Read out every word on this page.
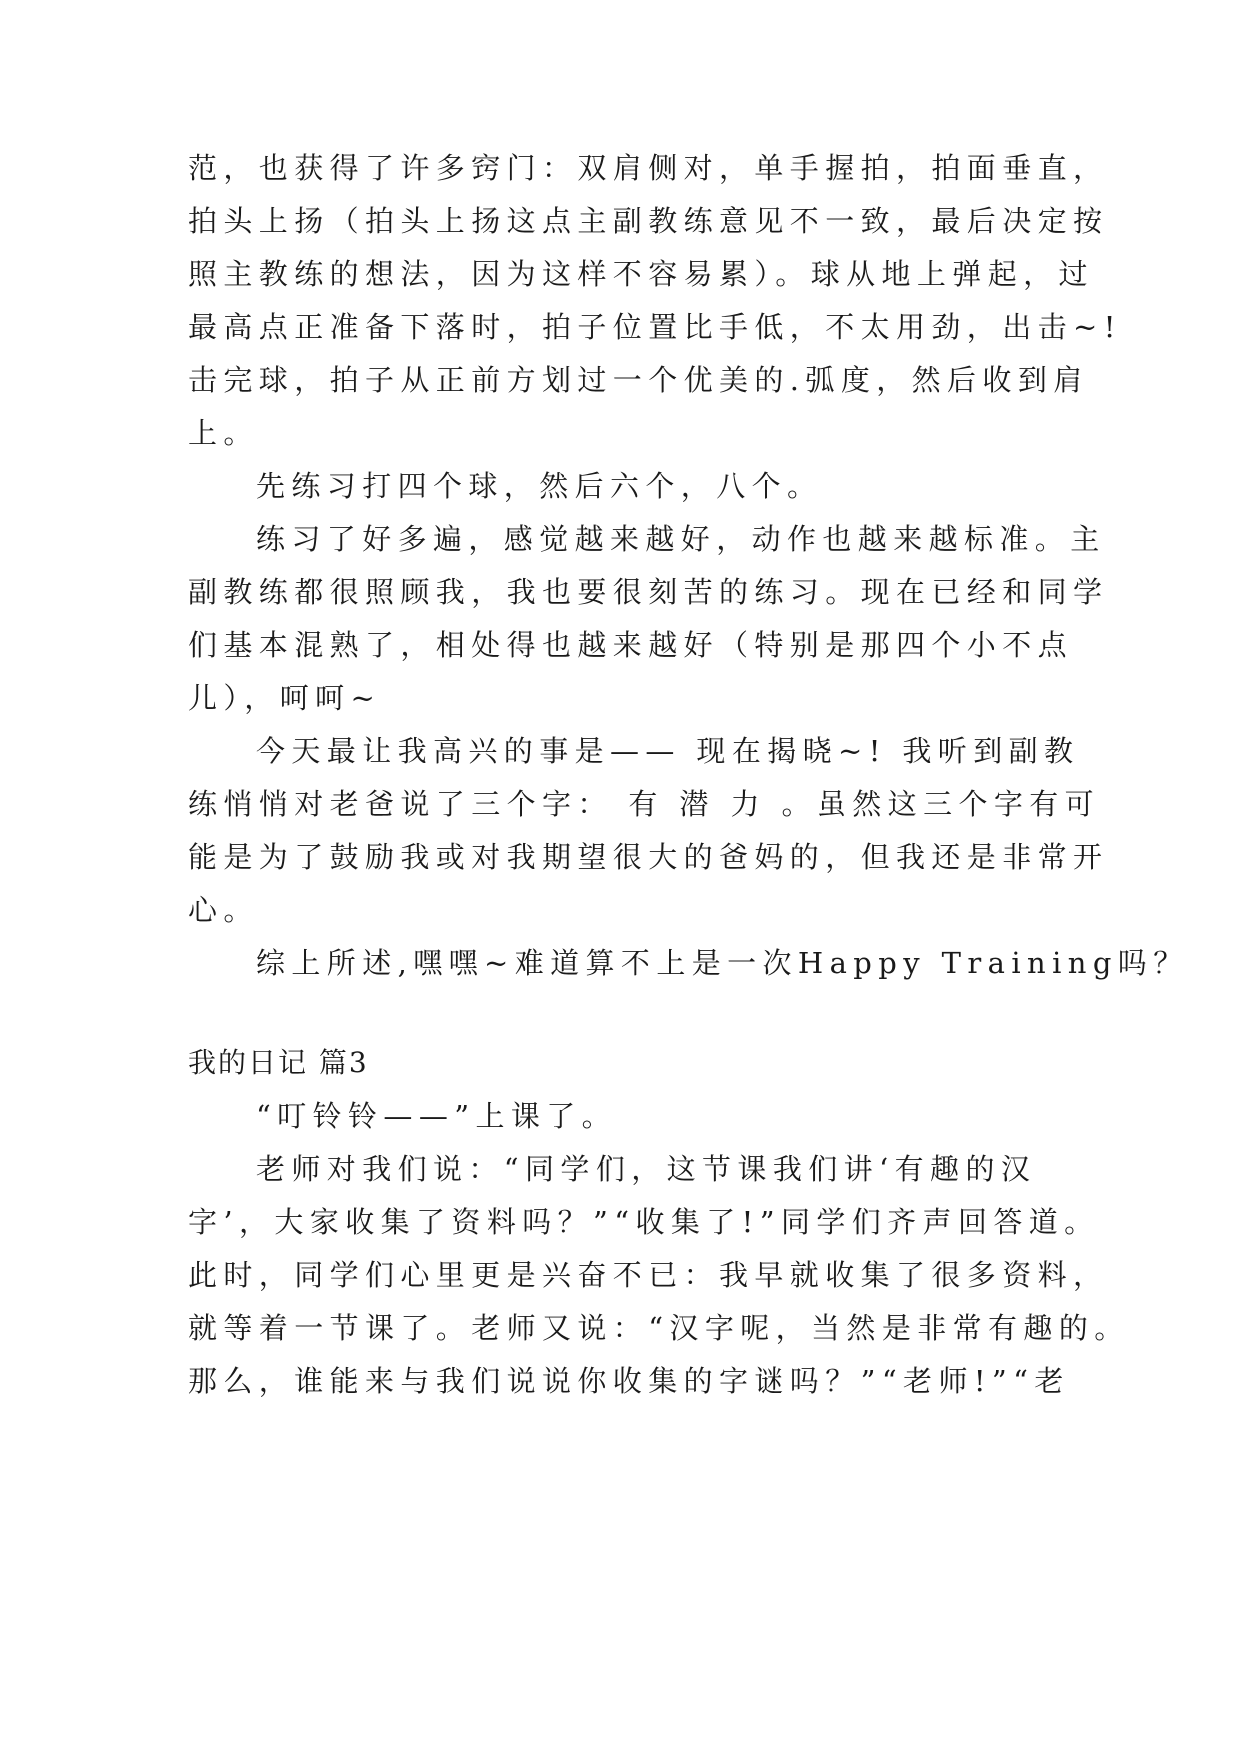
范，也获得了许多窍门：双肩侧对，单手握拍，拍面垂直，

拍头上扬（拍头上扬这点主副教练意见不一致，最后决定按

照主教练的想法，因为这样不容易累）。球从地上弹起，过

最高点正准备下落时，拍子位置比手低，不太用劲，出击~!

击完球，拍子从正前方划过一个优美的.弧度，然后收到肩

上。

先练习打四个球，然后六个，八个。

练习了好多遍，感觉越来越好，动作也越来越标准。主

副教练都很照顾我，我也要很刻苦的练习。现在已经和同学

们基本混熟了，相处得也越来越好（特别是那四个小不点

儿），呵呵~

今天最让我高兴的事是—— 现在揭晓~! 我听到副教

练悄悄对老爸说了三个字： 有 潜 力 。虽然这三个字有可

能是为了鼓励我或对我期望很大的爸妈的，但我还是非常开

心。

综上所述,嘿嘿~难道算不上是一次Happy Training吗？

我的日记 篇3

“叮铃铃——”上课了。

老师对我们说：“同学们，这节课我们讲‘有趣的汉

字’，大家收集了资料吗？”“收集了!”同学们齐声回答道。

此时，同学们心里更是兴奋不已：我早就收集了很多资料，

就等着一节课了。老师又说：“汉字呢，当然是非常有趣的。

那么，谁能来与我们说说你收集的字谜吗？”“老师!”“老
